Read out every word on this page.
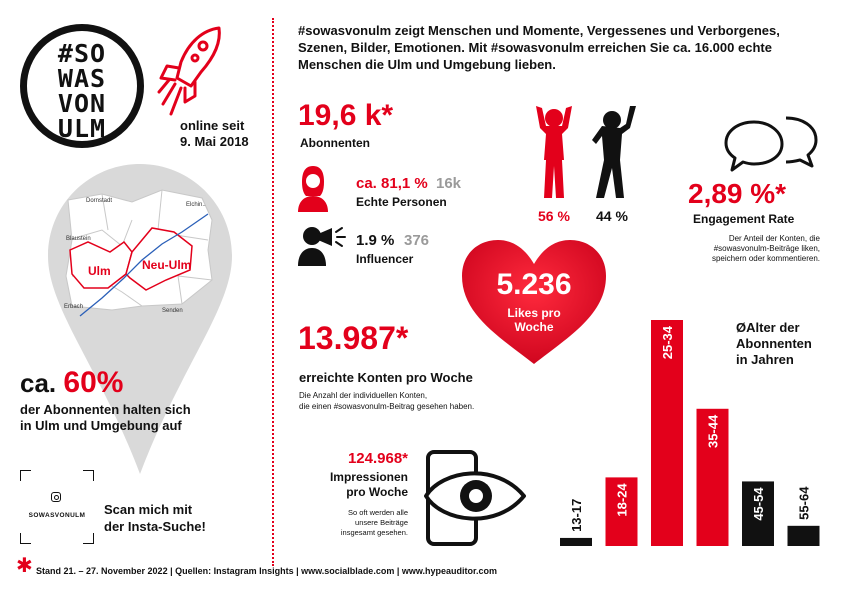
#SO
WAS
VON
ULM	online seit
9. Mai 2018
Dornstadt
Elchin..
Blaustein
Erbach
Senden
Ulm	Neu-Ulm
ca. 60%
der Abonnenten halten sich
in Ulm und Umgebung auf
SOWASVONULM	Scan mich mit
der Insta-Suche!
#sowasvonulm zeigt Menschen und Momente, Vergessenes und Verborgenes, Szenen, Bilder, Emotionen. Mit #sowasvonulm erreichen Sie ca. 16.000 echte Menschen die Ulm und Umgebung lieben.
19,6 k*
Abonnenten
ca. 81,1 % 16k
Echte Personen
1.9 % 376
Influencer
56 % 44 %
2,89 %*
Engagement Rate
Der Anteil der Konten, die
#sowasvonulm-Beiträge liken,
speichern oder kommentieren.
5.236
Likes pro
Woche
13.987*
erreichte Konten pro Woche
Die Anzahl der individuellen Konten,
die einen #sowasvonulm-Beitrag gesehen haben.
124.968*
Impressionen
pro Woche
So oft werden alle
unsere Beiträge
insgesamt gesehen.
13-17 18-24
25-34
35-44
45-54 55-64
ØAlter der
Abonnenten
in Jahren
✱ Stand 21. – 27. November 2022 | Quellen: Instagram Insights | www.socialblade.com | www.hypeauditor.com
